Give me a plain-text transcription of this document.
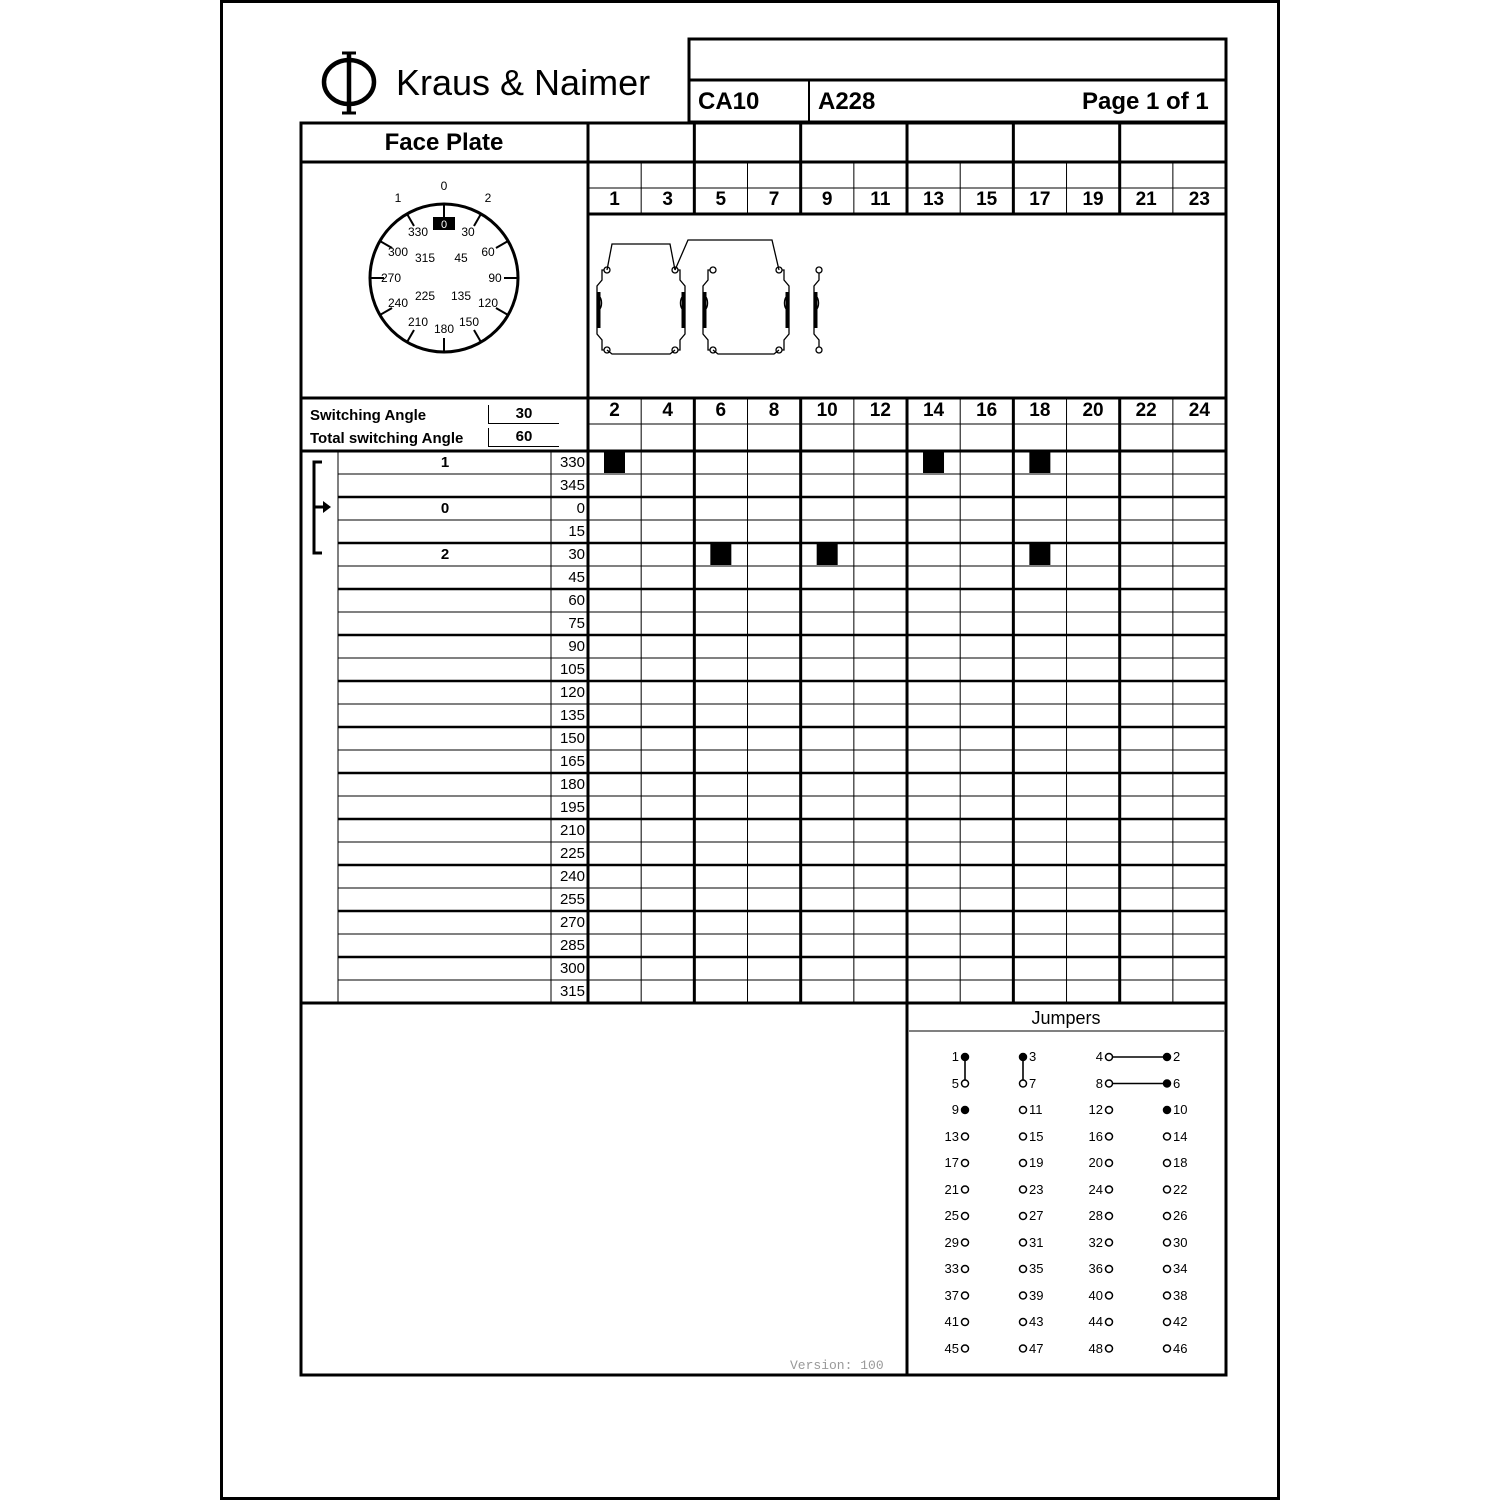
Kraus & Naimer CA10 A228	Page 1 of 1
Face Plate
1
0
2
0 30
45 60
90
120
135
150
180
210
225
240
270
300 315
330
Switching Angle	30
Total switching Angle	60
1	3	5	7	9	11	13	15	17	19	21	23
2	4	6	8	10	12	14	16	18	20	22	24
1	330
345
0	0
15
2	30
45
60
75
90
105
120
135
150
165
180
195
210
225
240
255
270
285
300
315
Jumpers
1	3	4	2
5	7	8	6
9	11	12	10
13	15	16	14
17	19	20	18
21	23	24	22
25	27	28	26
29	31	32	30
33	35	36	34
37	39	40	38
41	43	44	42
45	47	48	46
Version: 100
